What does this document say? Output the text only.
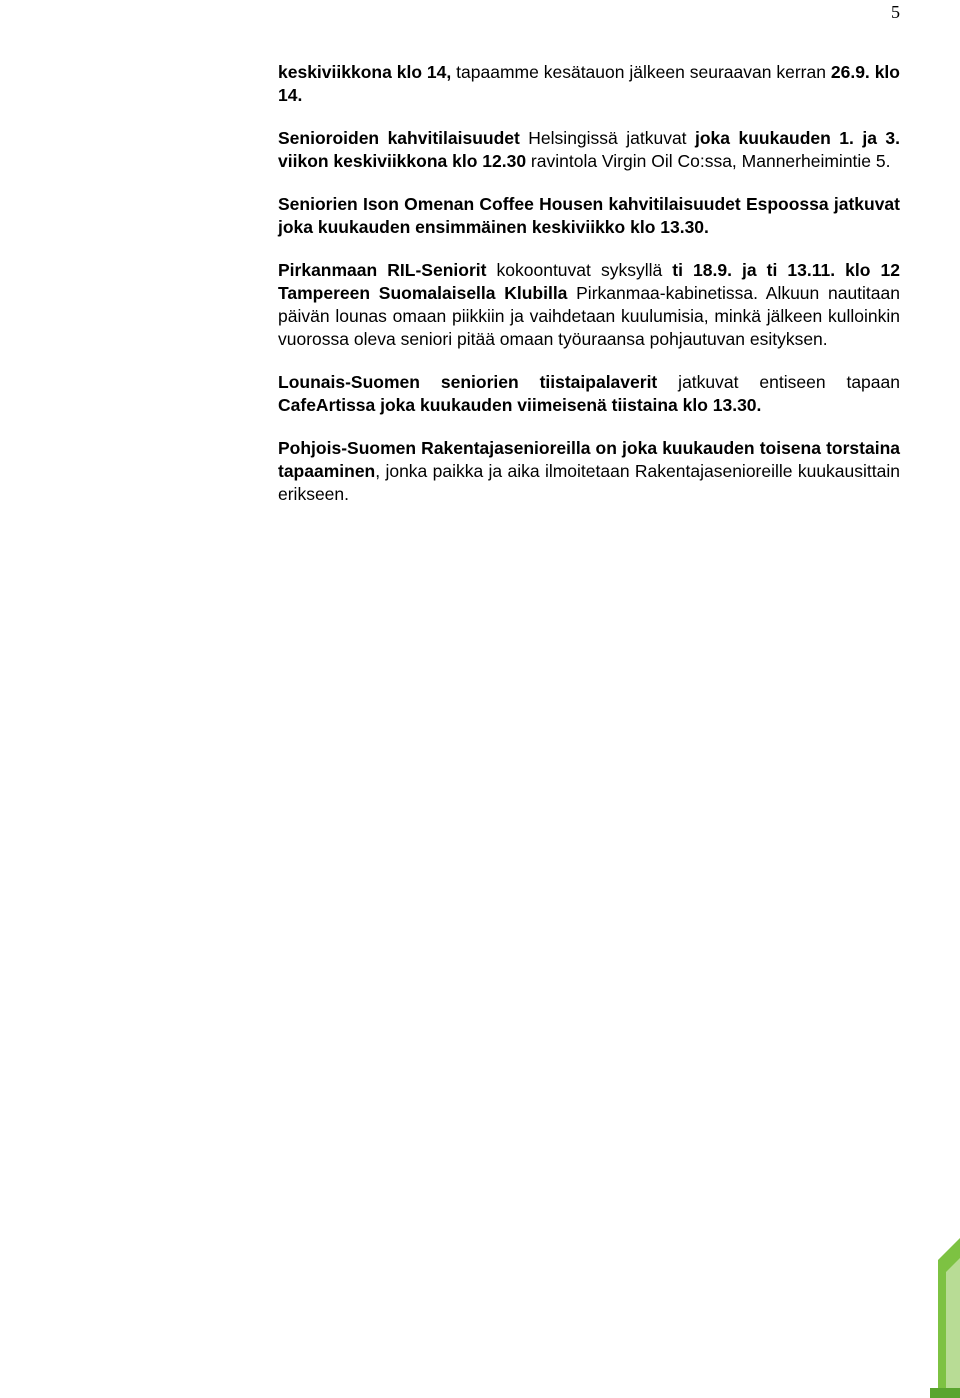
5

keskiviikkona klo 14, tapaamme kesätauon jälkeen seuraavan kerran 26.9. klo 14.

Senioroiden kahvitilaisuudet Helsingissä jatkuvat joka kuukauden 1. ja 3. viikon keskiviikkona klo 12.30 ravintola Virgin Oil Co:ssa, Mannerheimintie 5.

Seniorien Ison Omenan Coffee Housen kahvitilaisuudet Espoossa jatkuvat joka kuukauden ensimmäinen keskiviikko klo 13.30.

Pirkanmaan RIL-Seniorit kokoontuvat syksyllä ti 18.9. ja ti 13.11. klo 12 Tampereen Suomalaisella Klubilla Pirkanmaa-kabinetissa. Alkuun nautitaan päivän lounas omaan piikkiin ja vaihdetaan kuulumisia, minkä jälkeen kulloinkin vuorossa oleva seniori pitää omaan työuraansa pohjautuvan esityksen.

Lounais-Suomen seniorien tiistaipalaverit jatkuvat entiseen tapaan CafeArtissa joka kuukauden viimeisenä tiistaina klo 13.30.

Pohjois-Suomen Rakentajasenioreilla on joka kuukauden toisena torstaina tapaaminen, jonka paikka ja aika ilmoitetaan Rakentajasenioreille kuukausittain erikseen.
